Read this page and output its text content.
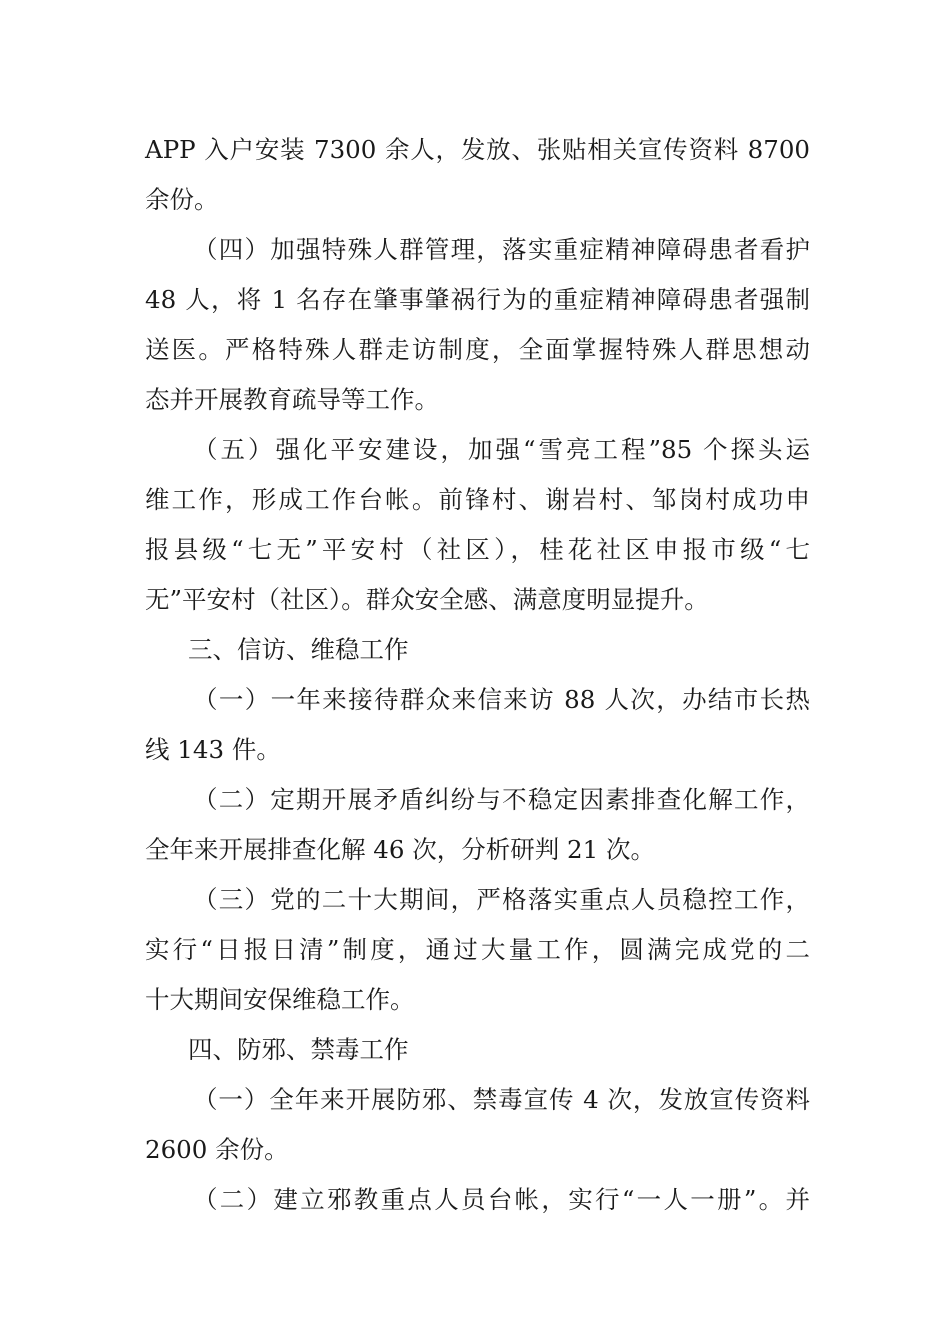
APP 入户安装 7300 余人，发放、张贴相关宣传资料 8700
余份。
（四）加强特殊人群管理，落实重症精神障碍患者看护
48 人，将 1 名存在肇事肇祸行为的重症精神障碍患者强制
送医。严格特殊人群走访制度，全面掌握特殊人群思想动
态并开展教育疏导等工作。
（五）强化平安建设，加强“雪亮工程”85 个探头运
维工作，形成工作台帐。前锋村、谢岩村、邹岗村成功申
报县级“七无”平安村（社区），桂花社区申报市级“七
无”平安村（社区）。群众安全感、满意度明显提升。
三、信访、维稳工作
（一）一年来接待群众来信来访 88 人次，办结市长热
线 143 件。
（二）定期开展矛盾纠纷与不稳定因素排查化解工作，
全年来开展排查化解 46 次，分析研判 21 次。
（三）党的二十大期间，严格落实重点人员稳控工作，
实行“日报日清”制度，通过大量工作，圆满完成党的二
十大期间安保维稳工作。
四、防邪、禁毒工作
（一）全年来开展防邪、禁毒宣传 4 次，发放宣传资料
2600 余份。
（二）建立邪教重点人员台帐，实行“一人一册”。并
